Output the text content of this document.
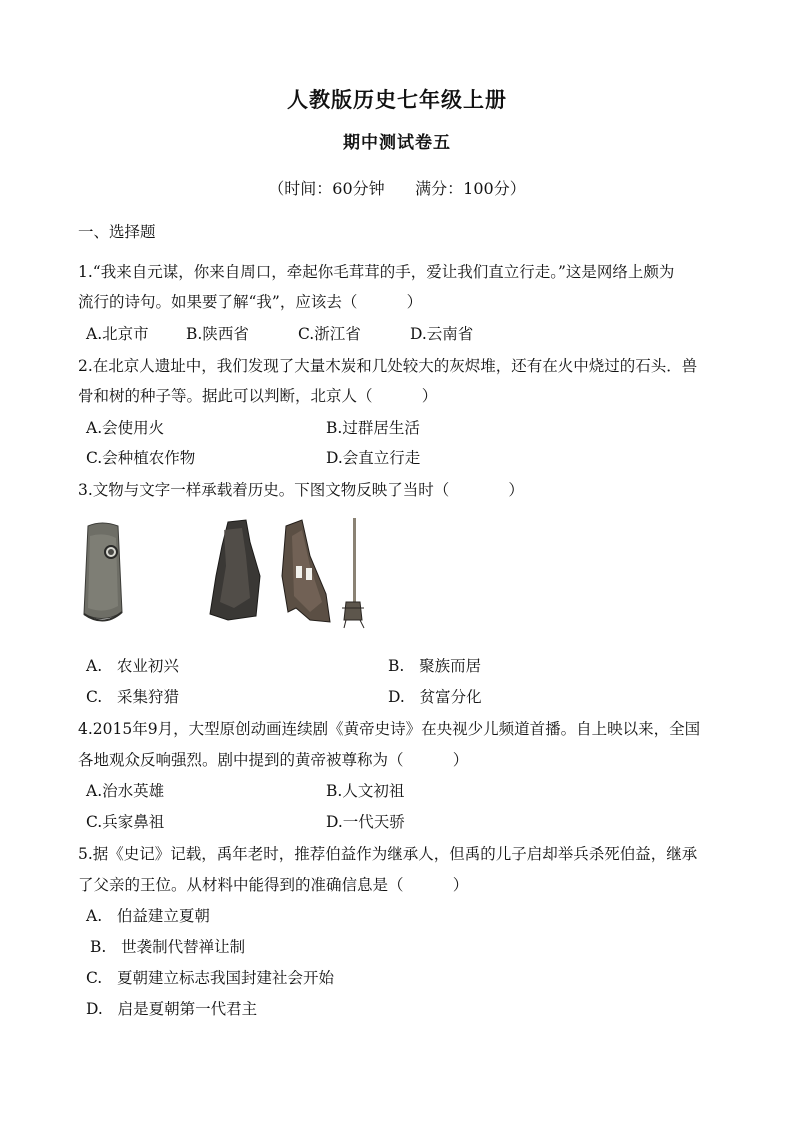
人教版历史七年级上册
期中测试卷五
（时间：60分钟      满分：100分）
一、选择题
1.“我来自元谋，你来自周口，牵起你毛茸茸的手，爱让我们直立行走。”这是网络上颇为
流行的诗句。如果要了解“我”，应该去（          ）
A.北京市 B.陕西省	C.浙江省	D.云南省
2.在北京人遗址中，我们发现了大量木炭和几处较大的灰烬堆，还有在火中烧过的石头．兽
骨和树的种子等。据此可以判断，北京人（          ）
A.会使用火	B.过群居生活
C.会种植农作物	D.会直立行走
3.文物与文字一样承载着历史。下图文物反映了当时（            ）
A.   农业初兴	B.   聚族而居
C.   采集狩猎	D.   贫富分化
4.2015年9月，大型原创动画连续剧《黄帝史诗》在央视少儿频道首播。自上映以来，全国
各地观众反响强烈。剧中提到的黄帝被尊称为（          ）
A.治水英雄	B.人文初祖
C.兵家鼻祖	D.一代天骄
5.据《史记》记载，禹年老时，推荐伯益作为继承人，但禹的儿子启却举兵杀死伯益，继承
了父亲的王位。从材料中能得到的准确信息是（          ）
A.   伯益建立夏朝
B.   世袭制代替禅让制
C.   夏朝建立标志我国封建社会开始
D.   启是夏朝第一代君主
